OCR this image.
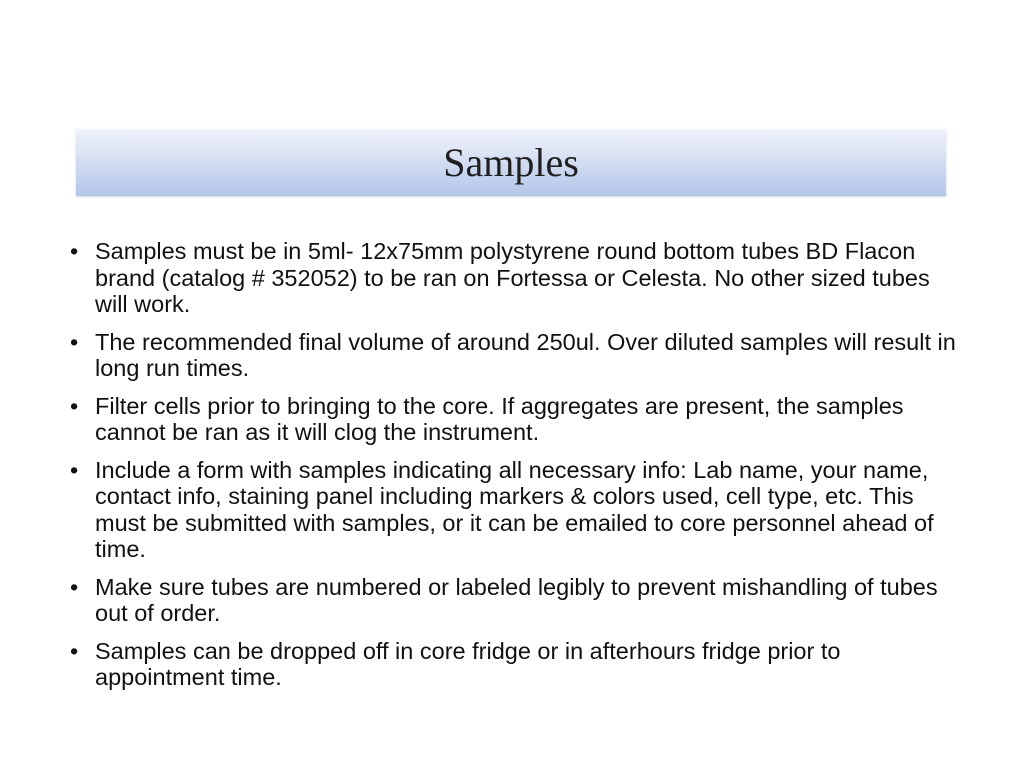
Samples
• Samples must be in 5ml- 12x75mm polystyrene round bottom tubes BD Flacon brand (catalog # 352052) to be ran on Fortessa or Celesta. No other sized tubes will work.
• The recommended final volume of around 250ul. Over diluted samples will result in long run times.
• Filter cells prior to bringing to the core. If aggregates are present, the samples cannot be ran as it will clog the instrument.
• Include a form with samples indicating all necessary info: Lab name, your name, contact info, staining panel including markers & colors used, cell type, etc. This must be submitted with samples, or it can be emailed to core personnel ahead of time.
• Make sure tubes are numbered or labeled legibly to prevent mishandling of tubes out of order.
• Samples can be dropped off in core fridge or in afterhours fridge prior to appointment time.
